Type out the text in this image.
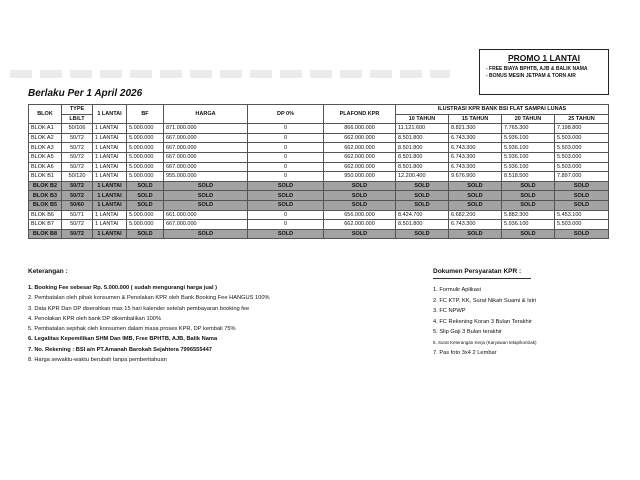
PROMO 1 LANTAI
- FREE BIAYA BPHTB, AJB & BALIK NAMA
- BONUS MESIN JETPAM & TORN AIR
Berlaku Per 1 April 2026
BLOK	TYPE	1 LANTAI	BF	HARGA	DP 0%	PLAFOND KPR	ILUSTRASI KPR BANK BSI FLAT SAMPAI LUNAS			
	LB/LT						10 TAHUN	15 TAHUN	20 TAHUN	25 TAHUN
BLOK A1	50/106	1 LANTAI	5.000.000	871.000.000	0	866.000.000	11.121.600	8.821.300	7.765.300	7.198.800
BLOK A2	50/72	1 LANTAI	5.000.000	667.000.000	0	662.000.000	8.501.800	6.743.300	5.936.100	5.503.000
BLOK A3	50/72	1 LANTAI	5.000.000	667.000.000	0	662.000.000	8.501.800	6.743.300	5.936.100	5.503.000
BLOK A5	50/72	1 LANTAI	5.000.000	667.000.000	0	662.000.000	8.501.800	6.743.300	5.936.100	5.503.000
BLOK A6	50/72	1 LANTAI	5.000.000	667.000.000	0	662.000.000	8.501.800	6.743.300	5.936.100	5.503.000
BLOK B1	50/120	1 LANTAI	5.000.000	955.000.000	0	950.000.000	12.200.400	9.676.900	8.518.500	7.897.000
BLOK B2	50/72	1 LANTAI	SOLD	SOLD	SOLD	SOLD	SOLD	SOLD	SOLD	SOLD
BLOK B3	50/72	1 LANTAI	SOLD	SOLD	SOLD	SOLD	SOLD	SOLD	SOLD	SOLD
BLOK B5	50/60	1 LANTAI	SOLD	SOLD	SOLD	SOLD	SOLD	SOLD	SOLD	SOLD
BLOK B6	50/71	1 LANTAI	5.000.000	661.000.000	0	656.000.000	8.424.700	6.682.200	5.882.300	5.453.100
BLOK B7	50/72	1 LANTAI	5.000.000	667.000.000	0	662.000.000	8.501.800	6.743.300	5.936.100	5.503.000
BLOK B8	50/72	1 LANTAI	SOLD	SOLD	SOLD	SOLD	SOLD	SOLD	SOLD	SOLD
Keterangan :
1. Booking Fee sebesar Rp. 5.000.000 ( sudah mengurangi harga jual )
2. Pembatalan oleh pihak konsumen & Penolakan KPR oleh Bank Booking Fee HANGUS 100%
3. Data KPR Dan DP diserahkan max 15 hari kalender setelah pembayaran booking fee
4. Penolakan KPR oleh bank DP dikembalikan 100%
5. Pembatalan sepihak oleh konsumen dalam masa proses KPR, DP kembali 75%
6. Legalitas Kepemilikan SHM Dan IMB, Free BPHTB, AJB, Balik Nama
7. No. Rekening : BSI a/n PT.Amanah Barokah Sejahtera 7996555447
8. Harga sewaktu-waktu berubah tanpa pemberitahuan
Dokumen Persyaratan KPR :
1. Formulir Aplikasi
2. FC KTP, KK, Surat Nikah Suami & Istri
3. FC NPWP
4. FC Rekening Koran 3 Bulan Terakhir
5. Slip Gaji 3 Bulan terakhir
6. Surat Keterangan Kerja (Karyawan tetap/kontrak)
7. Pas foto 3x4 2 Lembar
